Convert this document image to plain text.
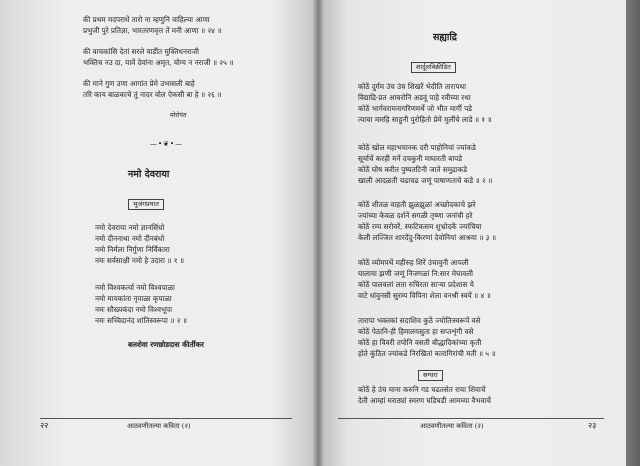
की प्रथम मदपराधें तारो ना म्हणुनि वाहिल्या आणा
प्रभुजी पुरे प्रतिज्ञा, भारतरणवृत्त तें मनी आणा ॥ २४ ॥
की वाचकांसि देतां सरले वाडींत मुक्तिधनराजी
भक्तिच नउ दा, यावें देवांना अमृत, योग्य न नराजी ॥ २५ ॥
की माने गुण उणा आगांत प्रेमे उभासली बाहे
तरि काय बाळकाचे तुं नादर वोल ऐकसी बा हे ॥ २६ ॥
मोरोपंत
—•❦•—
नमो देवराया
भुजंगप्रयात
नमो देवराया नमो ज्ञानसिंधो
नमो दीननाथा नमो दीनबंधो
नमो निर्मला निर्गुणा निर्विकारा
नमः सर्वसाक्षी नमो हे उदारा ॥ १ ॥
नमो विश्वकर्त्या नमो विश्वपाळा
नमो मायकांता नृपाळा कृपाळा
नमः सौख्यकंदा नमो विश्वभूपा
नमः सच्चिदानंद शांतिस्वरूपा ॥ २ ॥
बलशेवा रणछोडदास कीर्तीकर
२२	आठवणीतल्या कविता (२)
सह्याद्रि
शार्दूलविक्रीडित
कोठें दुर्गम उंच उंच शिखरें भेदीति तारापथा
विद्याद्रि-प्रत आचरोनि अडवूं पाहे रवीच्या रथा
कोठें भार्गवरामनागरिणमर्थे जो भीत मार्गी पडे
त्याचा मारहि साहुनी पुरोहितो प्रेमें मुलींचे लाडे ॥ १ ॥
कोठें खोल महाभयानक दरी पाहोनियां ज्यांकडे
सूर्याचें करही मनें दचकुनी माघारती बापडे
कोठें घोष करीत पुष्पतटिनी जाते समुद्राकडे
खाली आदळती चढाचढ जणूं पाषाणताचे कडे ॥ २ ॥
कोठें शीतळ वाहती झुळझुळां अच्छोदकाचे झरे
ज्यांच्या केवळ दर्शनें सगळी तृष्णा जनांची हरे
कोठें रम्य सरोवरें, स्फटिकसम शुभ्रोदकें ज्यांचिया
केली लज्जित शारदेंदु-किरणां देवोनियां आश्रया ॥ ३ ॥
कोठें व्योमपथें महीरुह शिरें उंचावुनी आपली
घालाया झणी जणूं निजगळां नि:सार मेघावली
कोठें पालवलां लता रुचिरता साऱ्या प्रदेशास ये
वाटे धांवुनसी सुरम्य विपिना शेला वनश्री स्वयें ॥ ४ ॥
तारापा भक्तकां सदाशिव कुठें ज्योतिःस्वरूपें वसे
कोठें पेठानि-ही हिमालयसुता हा सप्तशृंगी वसे
कोठें हा विवरी तपोनि वसती बौद्धादिकांच्या कृती
होते कुंठित ज्यांकडे निरखितां कारागिरांची मती ॥ ५ ॥
स्रग्धरा
कोठें हे उंच माना करुनि गड चढतसेत राया शिवाचें
देती आम्हां मराठ्यां स्मरण घडिघडी आमच्या वैभवाचें
आठवणीतल्या कविता (२)	२३
